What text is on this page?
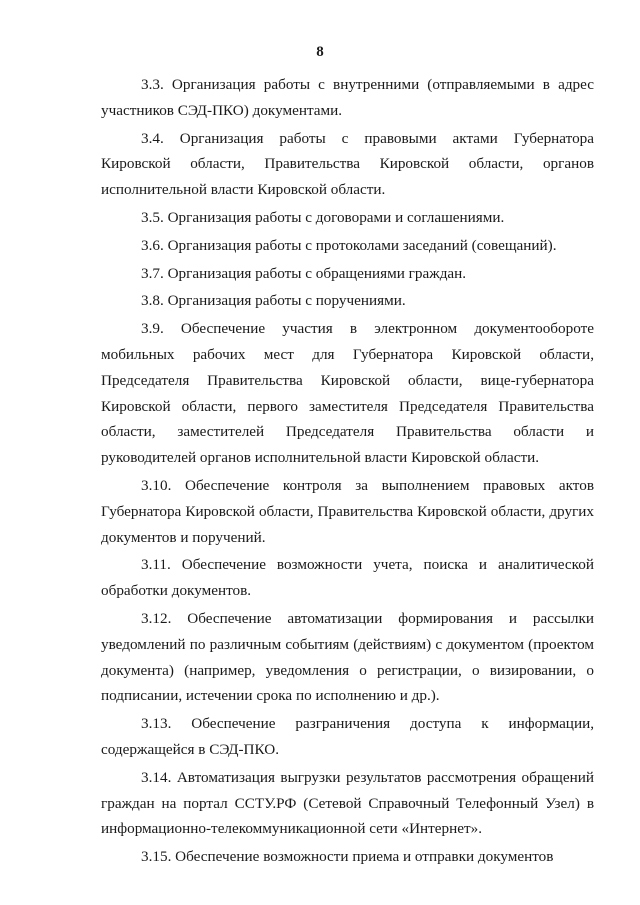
8

3.3. Организация работы с внутренними (отправляемыми в адрес участников СЭД-ПКО) документами.

3.4. Организация работы с правовыми актами Губернатора Кировской области, Правительства Кировской области, органов исполнительной власти Кировской области.

3.5. Организация работы с договорами и соглашениями.

3.6. Организация работы с протоколами заседаний (совещаний).

3.7. Организация работы с обращениями граждан.

3.8. Организация работы с поручениями.

3.9. Обеспечение участия в электронном документообороте мобильных рабочих мест для Губернатора Кировской области, Председателя Правительства Кировской области, вице-губернатора Кировской области, первого заместителя Председателя Правительства области, заместителей Председателя Правительства области и руководителей органов исполнительной власти Кировской области.

3.10. Обеспечение контроля за выполнением правовых актов Губернатора Кировской области, Правительства Кировской области, других документов и поручений.

3.11. Обеспечение возможности учета, поиска и аналитической обработки документов.

3.12. Обеспечение автоматизации формирования и рассылки уведомлений по различным событиям (действиям) с документом (проектом документа) (например, уведомления о регистрации, о визировании, о подписании, истечении срока по исполнению и др.).

3.13. Обеспечение разграничения доступа к информации, содержащейся в СЭД-ПКО.

3.14. Автоматизация выгрузки результатов рассмотрения обращений граждан на портал ССТУ.РФ (Сетевой Справочный Телефонный Узел) в информационно-телекоммуникационной сети «Интернет».

3.15. Обеспечение возможности приема и отправки документов
